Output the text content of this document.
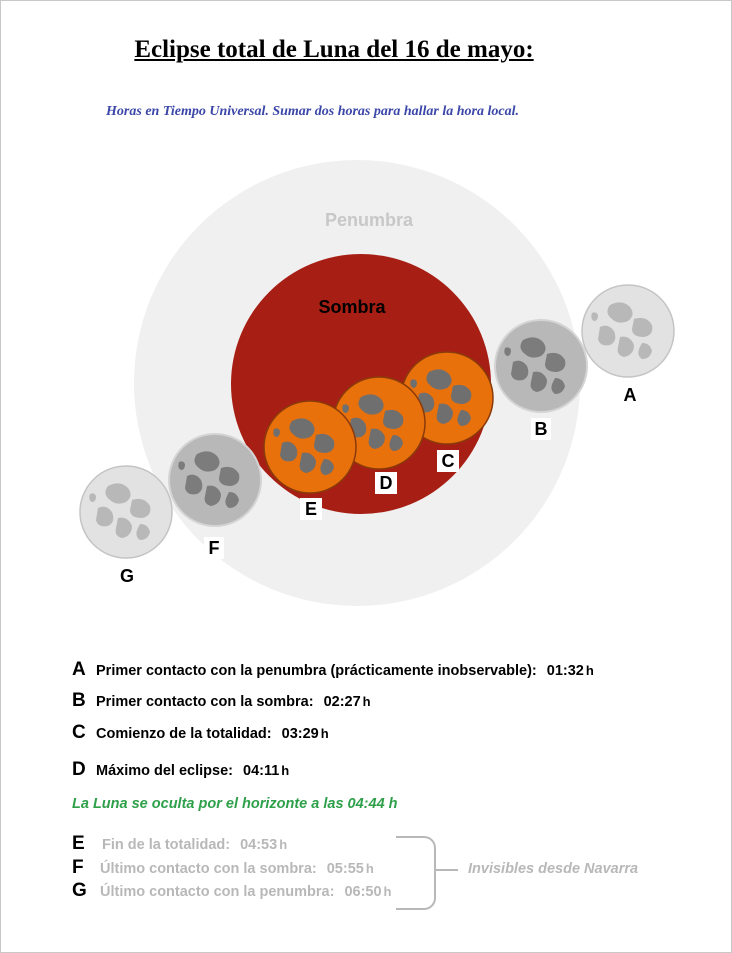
Eclipse total de Luna del 16 de mayo:
Horas en Tiempo Universal. Sumar dos horas para hallar la hora local.
Penumbra
Sombra
A
B
C
D
E
F
G
A Primer contacto con la penumbra (prácticamente inobservable): 01:32 h
B Primer contacto con la sombra: 02:27 h
C Comienzo de la totalidad: 03:29 h
D Máximo del eclipse: 04:11 h
La Luna se oculta por el horizonte a las 04:44 h
E Fin de la totalidad: 04:53 h
F Último contacto con la sombra: 05:55 h
G Último contacto con la penumbra: 06:50 h
Invisibles desde Navarra
